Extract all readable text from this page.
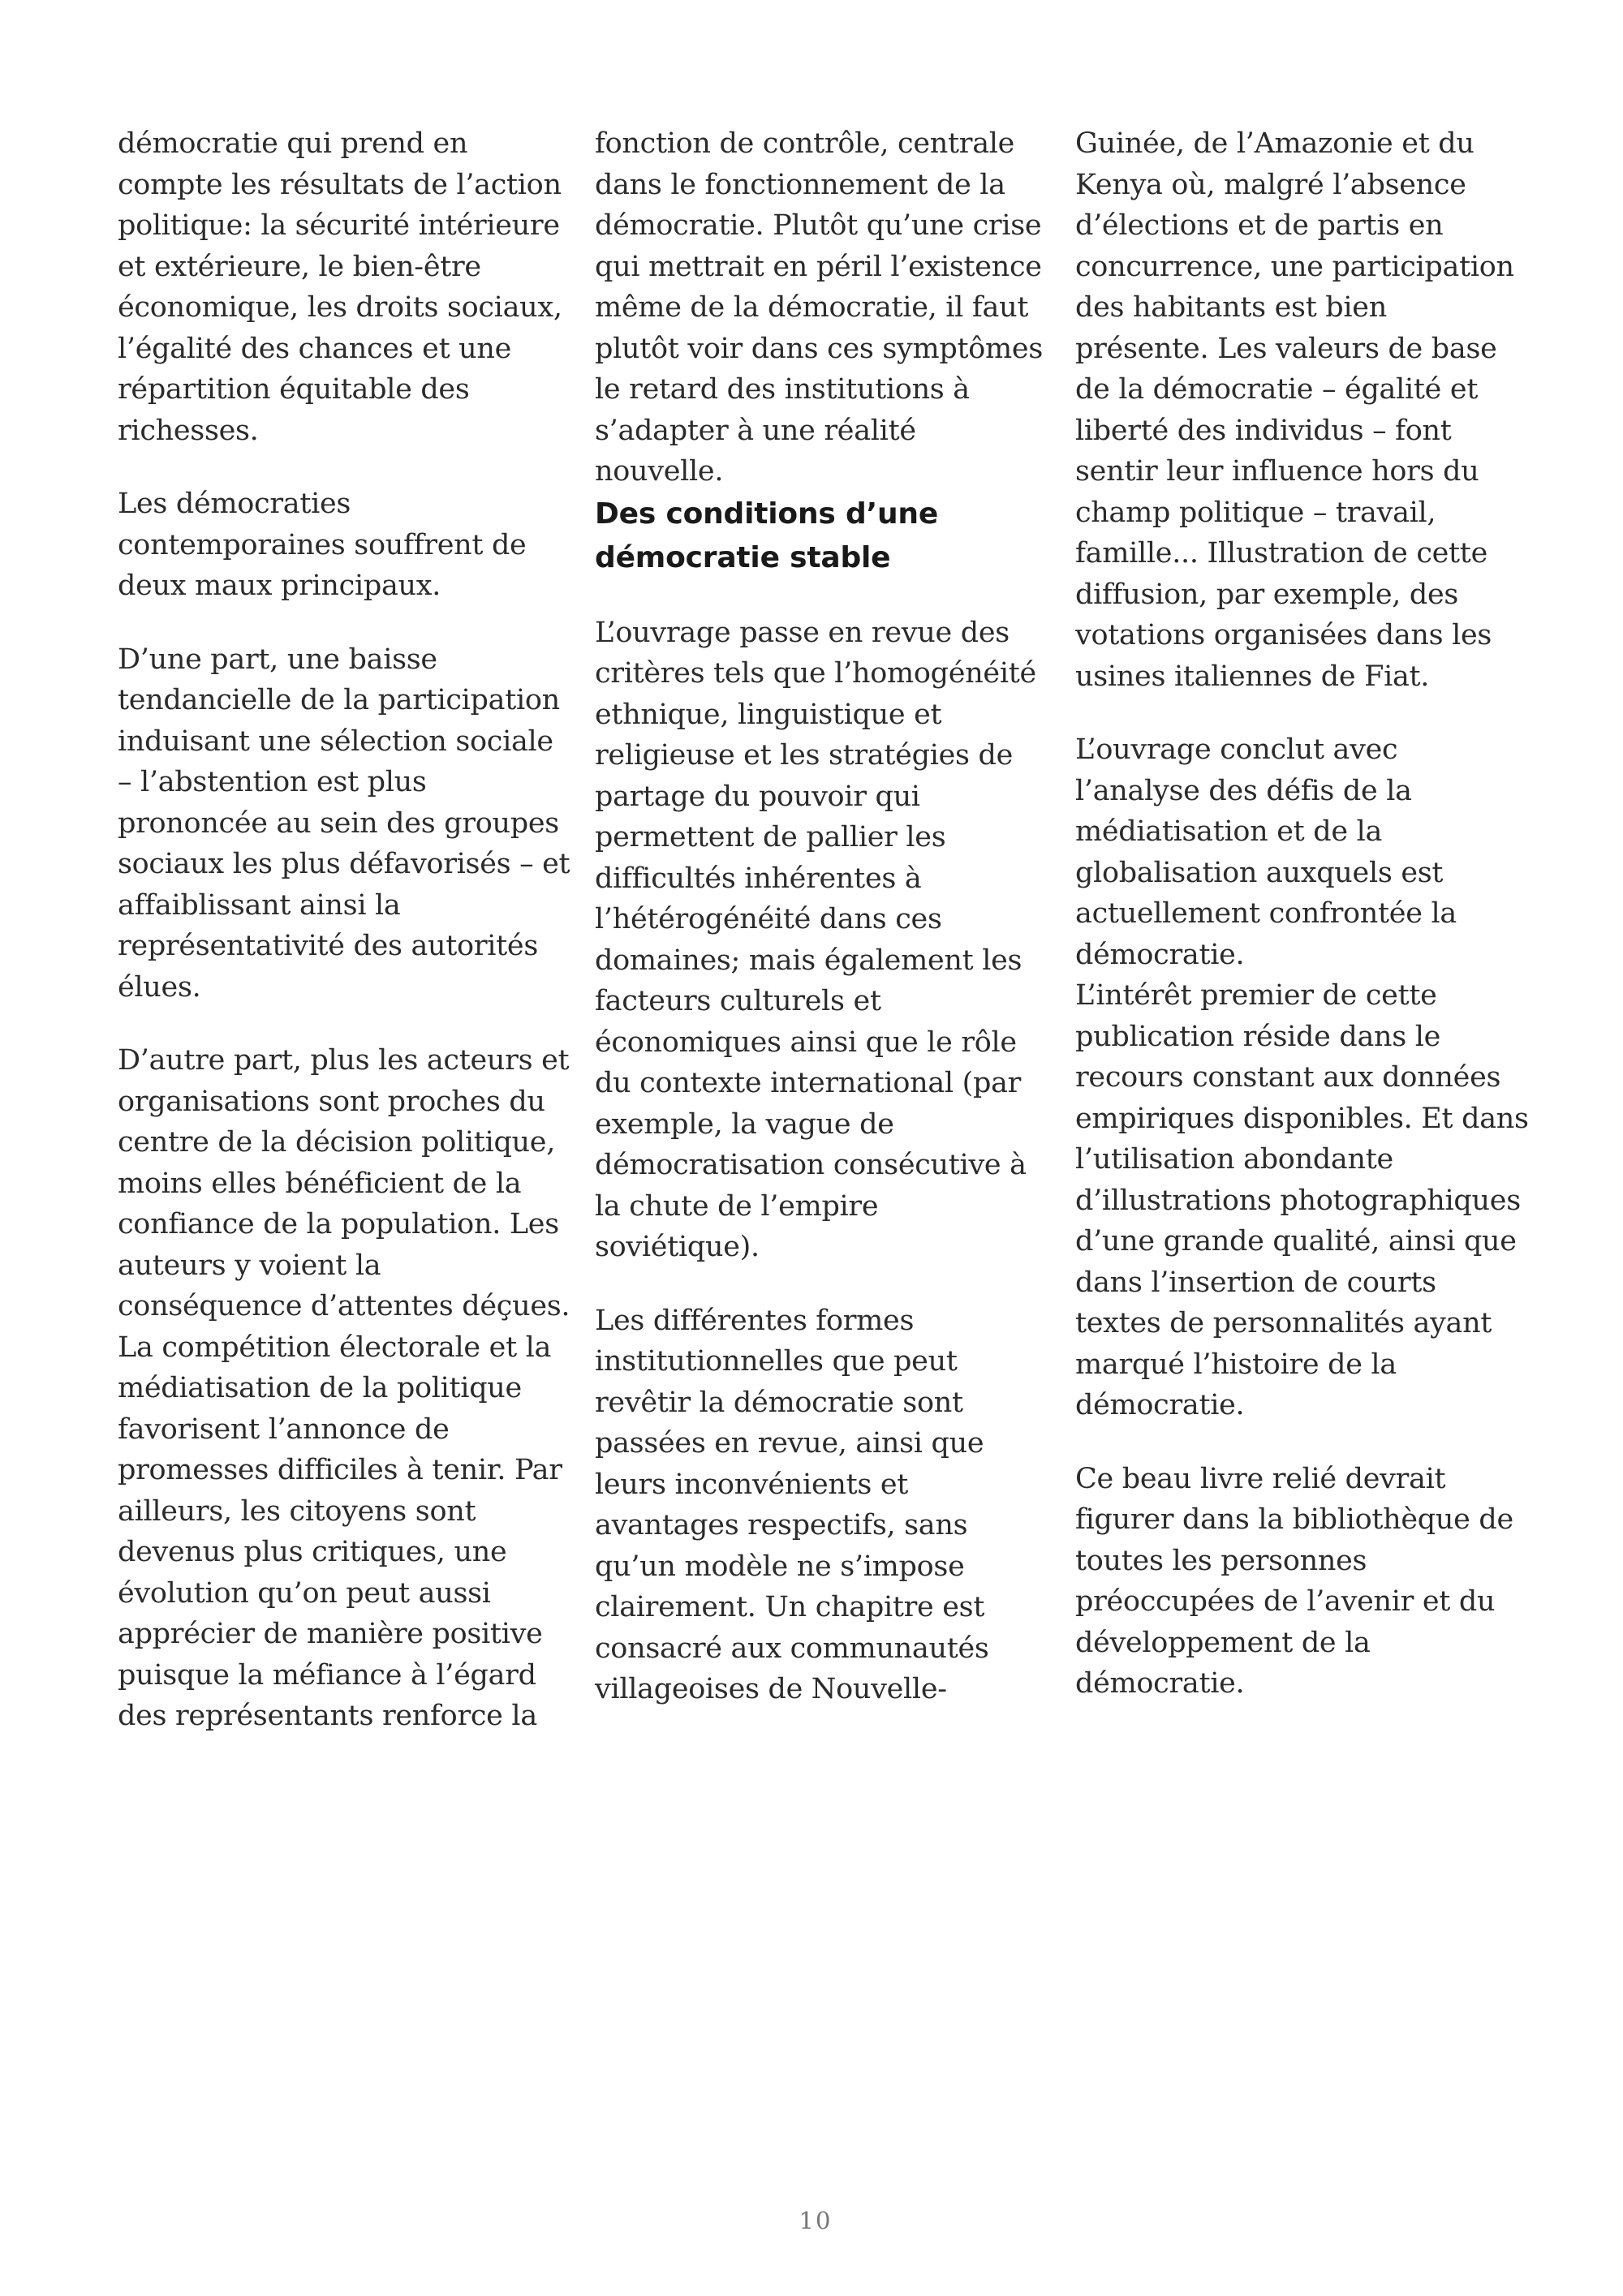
démocratie qui prend en
compte les résultats de l’action
politique: la sécurité intérieure
et extérieure, le bien-être
économique, les droits sociaux,
l’égalité des chances et une
répartition équitable des
richesses.

Les démocraties
contemporaines souffrent de
deux maux principaux.

D’une part, une baisse
tendancielle de la participation
induisant une sélection sociale
– l’abstention est plus
prononcée au sein des groupes
sociaux les plus défavorisés – et
affaiblissant ainsi la
représentativité des autorités
élues.

D’autre part, plus les acteurs et
organisations sont proches du
centre de la décision politique,
moins elles bénéficient de la
confiance de la population. Les
auteurs y voient la
conséquence d’attentes déçues.
La compétition électorale et la
médiatisation de la politique
favorisent l’annonce de
promesses difficiles à tenir. Par
ailleurs, les citoyens sont
devenus plus critiques, une
évolution qu’on peut aussi
apprécier de manière positive
puisque la méfiance à l’égard
des représentants renforce la

fonction de contrôle, centrale
dans le fonctionnement de la
démocratie. Plutôt qu’une crise
qui mettrait en péril l’existence
même de la démocratie, il faut
plutôt voir dans ces symptômes
le retard des institutions à
s’adapter à une réalité
nouvelle.

Des conditions d’une
démocratie stable

L’ouvrage passe en revue des
critères tels que l’homogénéité
ethnique, linguistique et
religieuse et les stratégies de
partage du pouvoir qui
permettent de pallier les
difficultés inhérentes à
l’hétérogénéité dans ces
domaines; mais également les
facteurs culturels et
économiques ainsi que le rôle
du contexte international (par
exemple, la vague de
démocratisation consécutive à
la chute de l’empire
soviétique).

Les différentes formes
institutionnelles que peut
revêtir la démocratie sont
passées en revue, ainsi que
leurs inconvénients et
avantages respectifs, sans
qu’un modèle ne s’impose
clairement. Un chapitre est
consacré aux communautés
villageoises de Nouvelle-

Guinée, de l’Amazonie et du
Kenya où, malgré l’absence
d’élections et de partis en
concurrence, une participation
des habitants est bien
présente. Les valeurs de base
de la démocratie – égalité et
liberté des individus – font
sentir leur influence hors du
champ politique – travail,
famille... Illustration de cette
diffusion, par exemple, des
votations organisées dans les
usines italiennes de Fiat.

L’ouvrage conclut avec
l’analyse des défis de la
médiatisation et de la
globalisation auxquels est
actuellement confrontée la
démocratie.

L’intérêt premier de cette
publication réside dans le
recours constant aux données
empiriques disponibles. Et dans
l’utilisation abondante
d’illustrations photographiques
d’une grande qualité, ainsi que
dans l’insertion de courts
textes de personnalités ayant
marqué l’histoire de la
démocratie.

Ce beau livre relié devrait
figurer dans la bibliothèque de
toutes les personnes
préoccupées de l’avenir et du
développement de la
démocratie.

10
